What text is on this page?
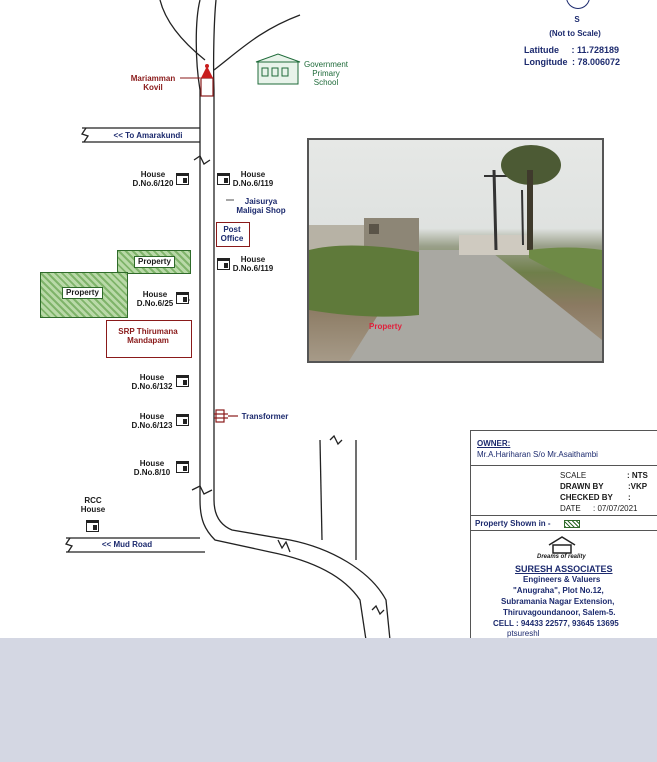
S
(Not to Scale)
Latitude : 11.728189
Longitude : 78.006072
Mariamman
Kovil
Government
Primary
School
<< To Amarakundi
<< Mud Road
Jaisurya
Maligai Shop
Post
Office
SRP Thirumana
Mandapam
Transformer
RCC
House
Property
Property
House
D.No.6/120
House
D.No.6/25
House
D.No.6/132
House
D.No.6/123
House
D.No.8/10
House
D.No.6/119
House
D.No.6/119
Property
OWNER:
Mr.A.Hariharan S/o Mr.Asaithambi
SCALE	: NTS
DRAWN BY	:VKP
CHECKED BY :
DATE : 07/07/2021
Property Shown in -
Dreams of reality
SURESH ASSOCIATES
Engineers & Valuers
"Anugraha", Plot No.12,
Subramania Nagar Extension,
Thiruvagoundanoor, Salem-5.
CELL : 94433 22577, 93645 13695
ptsureshl
